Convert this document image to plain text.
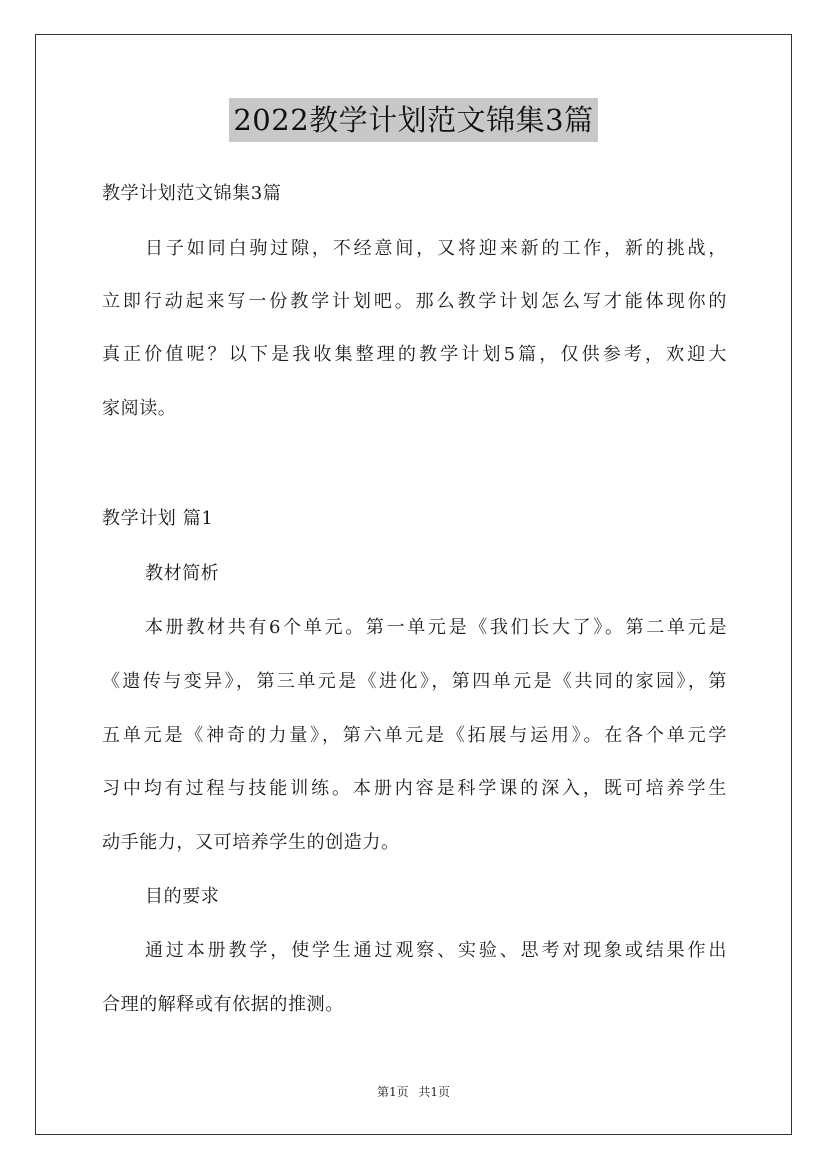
2022教学计划范文锦集3篇
教学计划范文锦集3篇
日子如同白驹过隙，不经意间，又将迎来新的工作，新的挑战，
立即行动起来写一份教学计划吧。那么教学计划怎么写才能体现你的
真正价值呢？以下是我收集整理的教学计划5篇，仅供参考，欢迎大
家阅读。
教学计划 篇1
教材简析
本册教材共有6个单元。第一单元是《我们长大了》。第二单元是
《遗传与变异》，第三单元是《进化》，第四单元是《共同的家园》，第
五单元是《神奇的力量》，第六单元是《拓展与运用》。在各个单元学
习中均有过程与技能训练。本册内容是科学课的深入，既可培养学生
动手能力，又可培养学生的创造力。
目的要求
通过本册教学，使学生通过观察、实验、思考对现象或结果作出
合理的解释或有依据的推测。
第1页 共1页
